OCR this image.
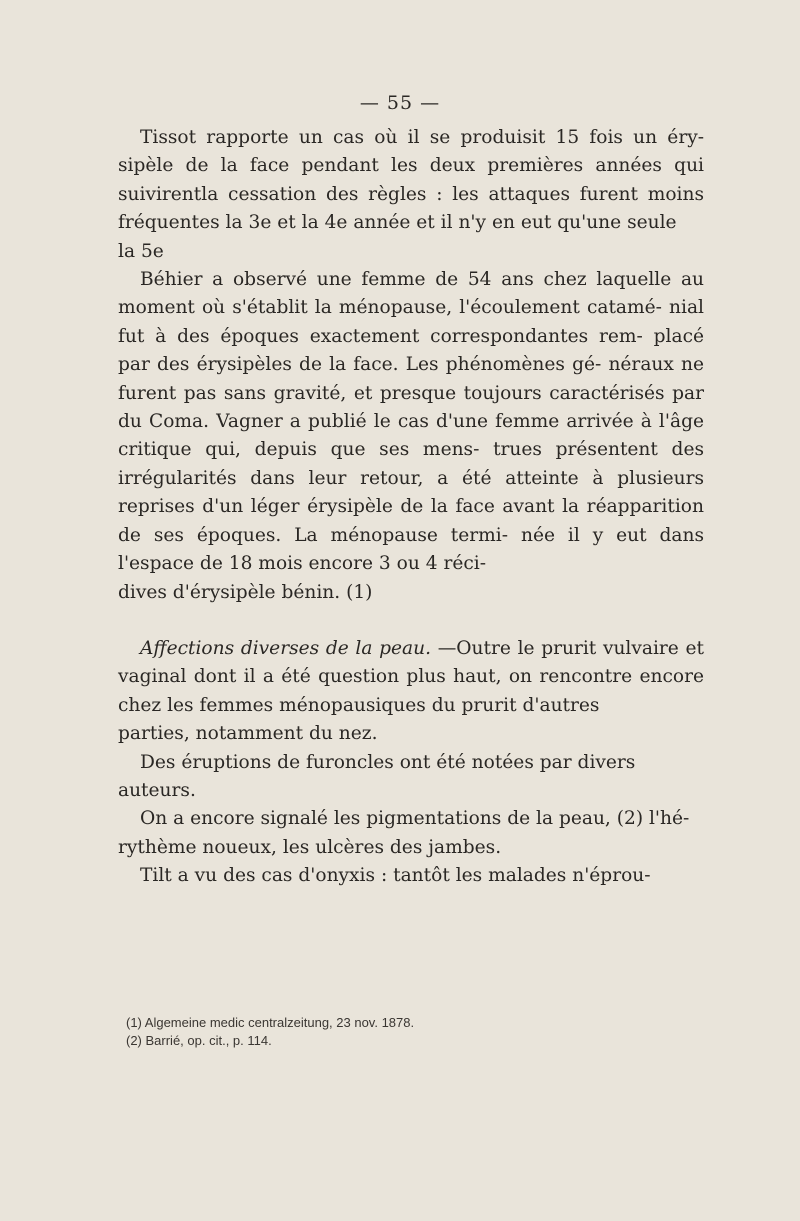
— 55 —

Tissot rapporte un cas où il se produisit 15 fois un éry- sipèle de la face pendant les deux premières années qui suivirentla cessation des règles : les attaques furent moins fréquentes la 3e et la 4e année et il n'y en eut qu'une seule
la 5e

Béhier a observé une femme de 54 ans chez laquelle au moment où s'établit la ménopause, l'écoulement catamé- nial fut à des époques exactement correspondantes rem- placé par des érysipèles de la face. Les phénomènes gé- néraux ne furent pas sans gravité, et presque toujours caractérisés par du Coma. Vagner a publié le cas d'une femme arrivée à l'âge critique qui, depuis que ses mens- trues présentent des irrégularités dans leur retour, a été atteinte à plusieurs reprises d'un léger érysipèle de la face avant la réapparition de ses époques. La ménopause termi- née il y eut dans l'espace de 18 mois encore 3 ou 4 réci-
dives d'érysipèle bénin. (1)

Affections diverses de la peau. —Outre le prurit vulvaire et vaginal dont il a été question plus haut, on rencontre encore chez les femmes ménopausiques du prurit d'autres
parties, notamment du nez.

Des éruptions de furoncles ont été notées par divers
auteurs.

On a encore signalé les pigmentations de la peau, (2) l'hé-
rythème noueux, les ulcères des jambes.

Tilt a vu des cas d'onyxis : tantôt les malades n'éprou-

(1) Algemeine medic centralzeitung, 23 nov. 1878.

(2) Barrié, op. cit., p. 114.
